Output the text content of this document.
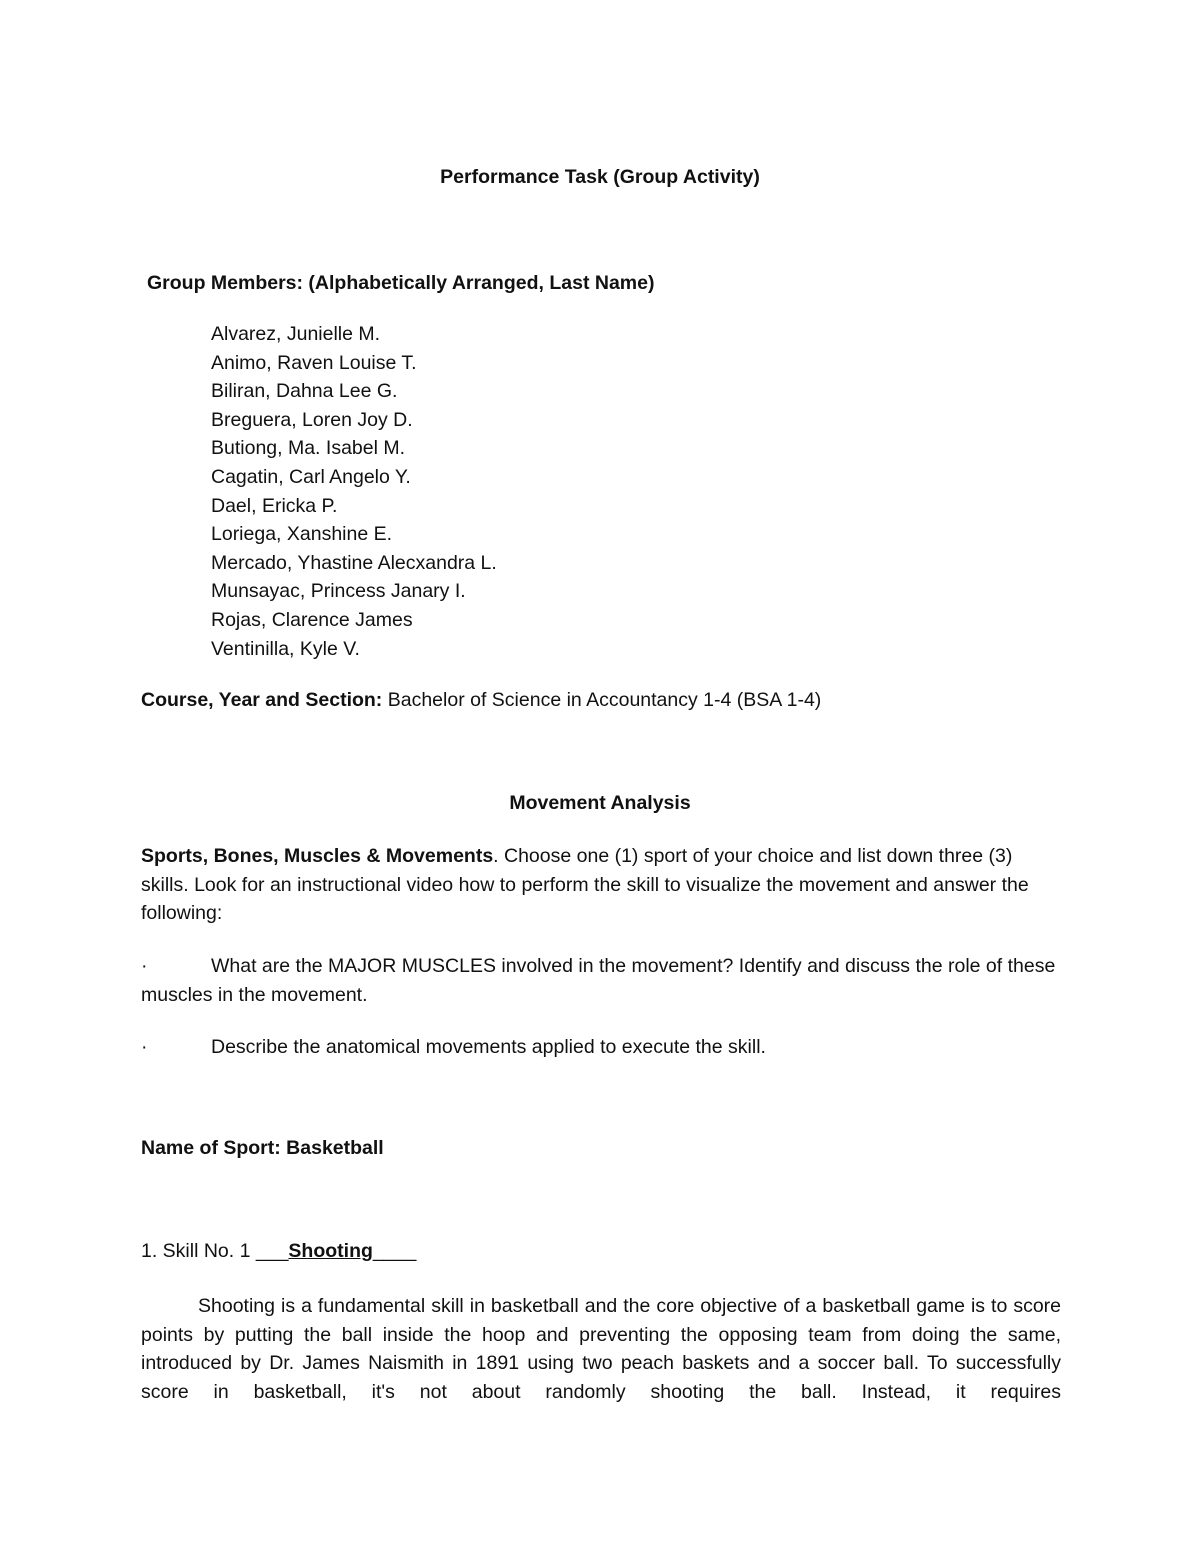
Performance Task (Group Activity)
Group Members: (Alphabetically Arranged, Last Name)
Alvarez, Junielle M.
Animo, Raven Louise T.
Biliran, Dahna Lee G.
Breguera, Loren Joy D.
Butiong, Ma. Isabel M.
Cagatin, Carl Angelo Y.
Dael, Ericka P.
Loriega, Xanshine E.
Mercado, Yhastine Alecxandra L.
Munsayac, Princess Janary I.
Rojas, Clarence James
Ventinilla, Kyle V.
Course, Year and Section: Bachelor of Science in Accountancy 1-4 (BSA 1-4)
Movement Analysis
Sports, Bones, Muscles & Movements. Choose one (1) sport of your choice and list down three (3) skills. Look for an instructional video how to perform the skill to visualize the movement and answer the following:
·	What are the MAJOR MUSCLES involved in the movement? Identify and discuss the role of these muscles in the movement.
·	Describe the anatomical movements applied to execute the skill.
Name of Sport: Basketball
1. Skill No. 1 ___Shooting____
Shooting is a fundamental skill in basketball and the core objective of a basketball game is to score points by putting the ball inside the hoop and preventing the opposing team from doing the same, introduced by Dr. James Naismith in 1891 using two peach baskets and a soccer ball. To successfully score in basketball, it's not about randomly shooting the ball. Instead, it requires
